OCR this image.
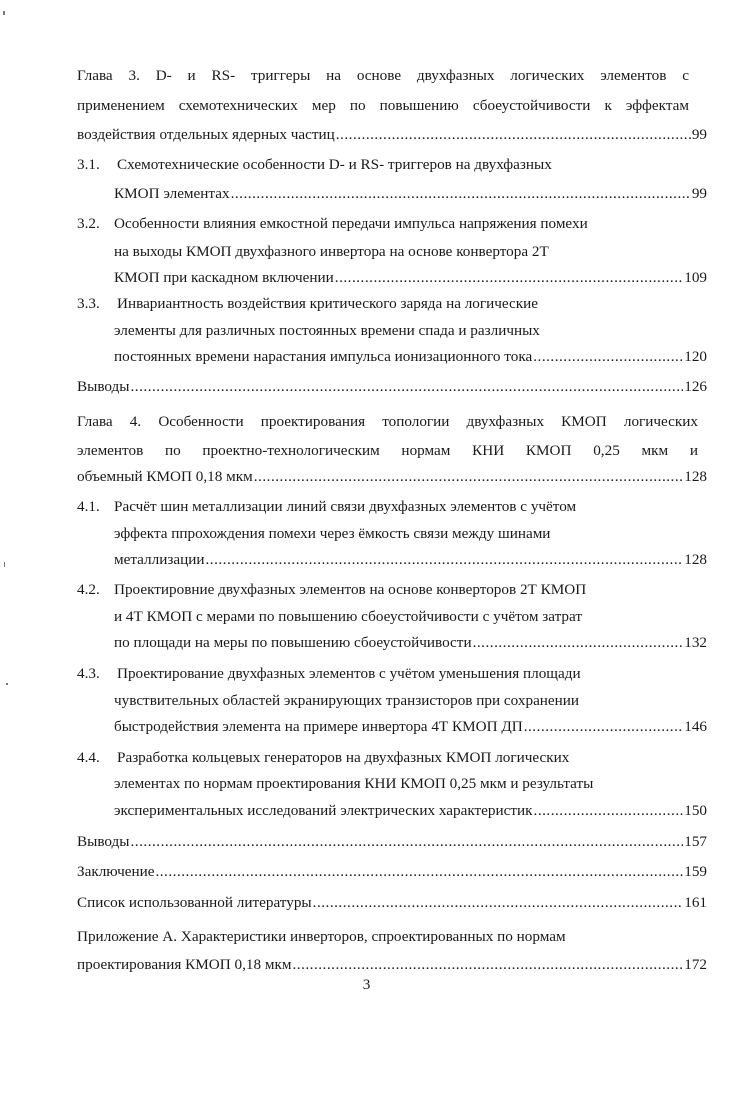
Глава 3. D- и RS- триггеры на основе двухфазных логических элементов с
применением схемотехнических мер по повышению сбоеустойчивости к эффектам
воздействия отдельных ядерных частиц .....	99
3.1. Схемотехнические особенности D- и RS- триггеров на двухфазных
КМОП элементах .....	99
3.2. Особенности влияния емкостной передачи импульса напряжения помехи
на выходы КМОП двухфазного инвертора на основе конвертора 2Т
КМОП при каскадном включении .....	109
3.3. Инвариантность воздействия критического заряда на логические
элементы для различных постоянных времени спада и различных
постоянных времени нарастания импульса ионизационного тока .....	120
Выводы .....	126
Глава 4. Особенности проектирования топологии двухфазных КМОП логических
элементов по проектно-технологическим нормам КНИ КМОП 0,25 мкм и
объемный КМОП 0,18 мкм .....	128
4.1. Расчёт шин металлизации линий связи двухфазных элементов с учётом
эффекта ппрохождения помехи через ёмкость связи между шинами
металлизации .....	128
4.2. Проектировние двухфазных элементов на основе конверторов 2Т КМОП
и 4Т КМОП с мерами по повышению сбоеустойчивости с учётом затрат
по площади на меры по повышению сбоеустойчивости .....	132
4.3. Проектирование двухфазных элементов с учётом уменьшения площади
чувствительных областей экранирующих транзисторов при сохранении
быстродействия элемента на примере инвертора 4Т КМОП ДП .....	146
4.4. Разработка кольцевых генераторов на двухфазных КМОП логических
элементах по нормам проектирования КНИ КМОП 0,25 мкм и результаты
экспериментальных исследований электрических характеристик .....	150
Выводы .....	157
Заключение .....	159
Список использованной литературы .....	161
Приложение А. Характеристики инверторов, спроектированных по нормам
проектирования КМОП 0,18 мкм .....	172
3
